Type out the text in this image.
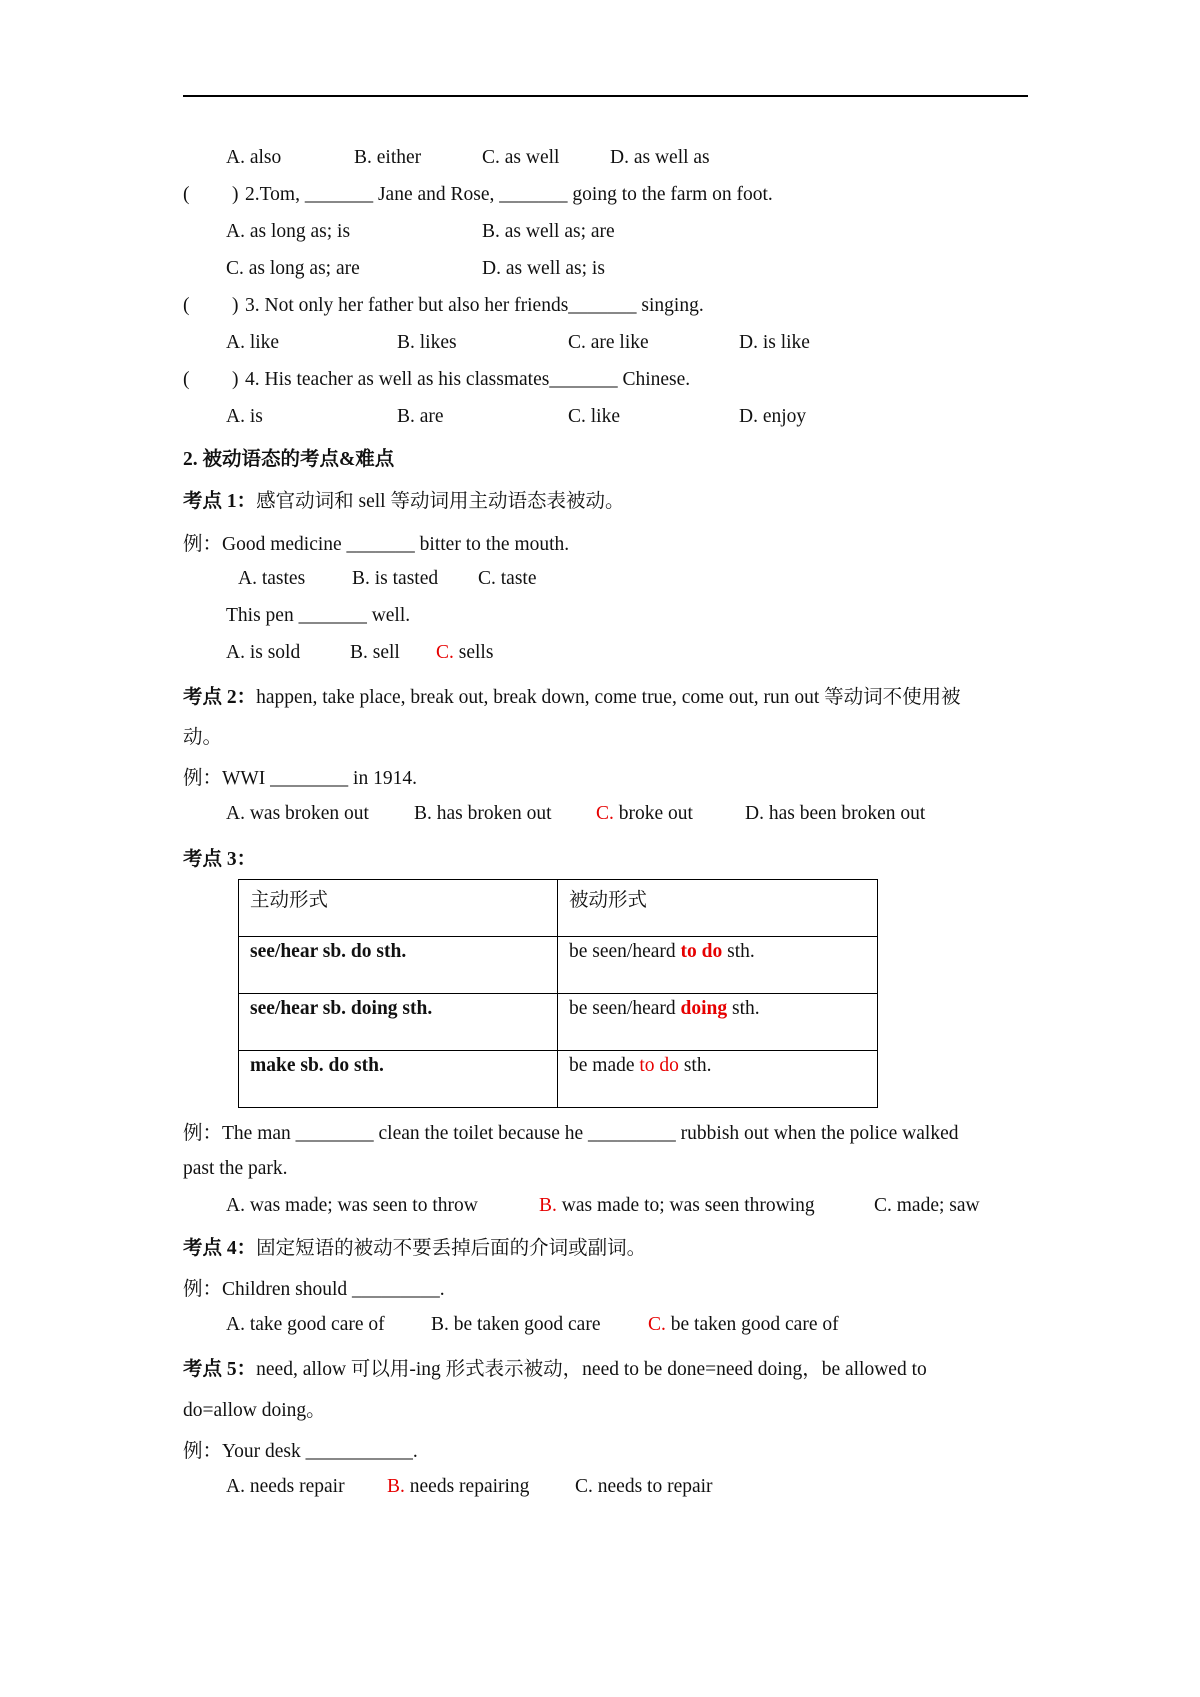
A. also	B. either	C. as well	D. as well as
( ) 2.Tom, _______ Jane and Rose, _______ going to the farm on foot.
A. as long as; is	B. as well as; are
C. as long as; are	D. as well as; is
( ) 3. Not only her father but also her friends_______ singing.
A. like	B. likes	C. are like	D. is like
( ) 4. His teacher as well as his classmates_______ Chinese.
A. is	B. are	C. like	D. enjoy
2. 被动语态的考点&难点
考点 1：感官动词和 sell 等动词用主动语态表被动。
例：Good medicine _______ bitter to the mouth.
A. tastes B. is tasted C. taste
This pen _______ well.
A. is sold	B. sell C. sells
考点 2：happen, take place, break out, break down, come true, come out, run out 等动词不使用被
动。
例：WWI ________ in 1914.
A. was broken out B. has broken out C. broke out	D. has been broken out
考点 3：
主动形式	被动形式
see/hear sb. do sth.	be seen/heard to do sth.
see/hear sb. doing sth.	be seen/heard doing sth.
make sb. do sth.	be made to do sth.
例：The man ________ clean the toilet because he _________ rubbish out when the police walked
past the park.
A. was made; was seen to throw	B. was made to; was seen throwing	C. made; saw
考点 4：固定短语的被动不要丢掉后面的介词或副词。
例：Children should _________.
A. take good care of B. be taken good care C. be taken good care of
考点 5：need, allow 可以用-ing 形式表示被动，need to be done=need doing，be allowed to
do=allow doing。
例：Your desk ___________.
A. needs repair B. needs repairing C. needs to repair
